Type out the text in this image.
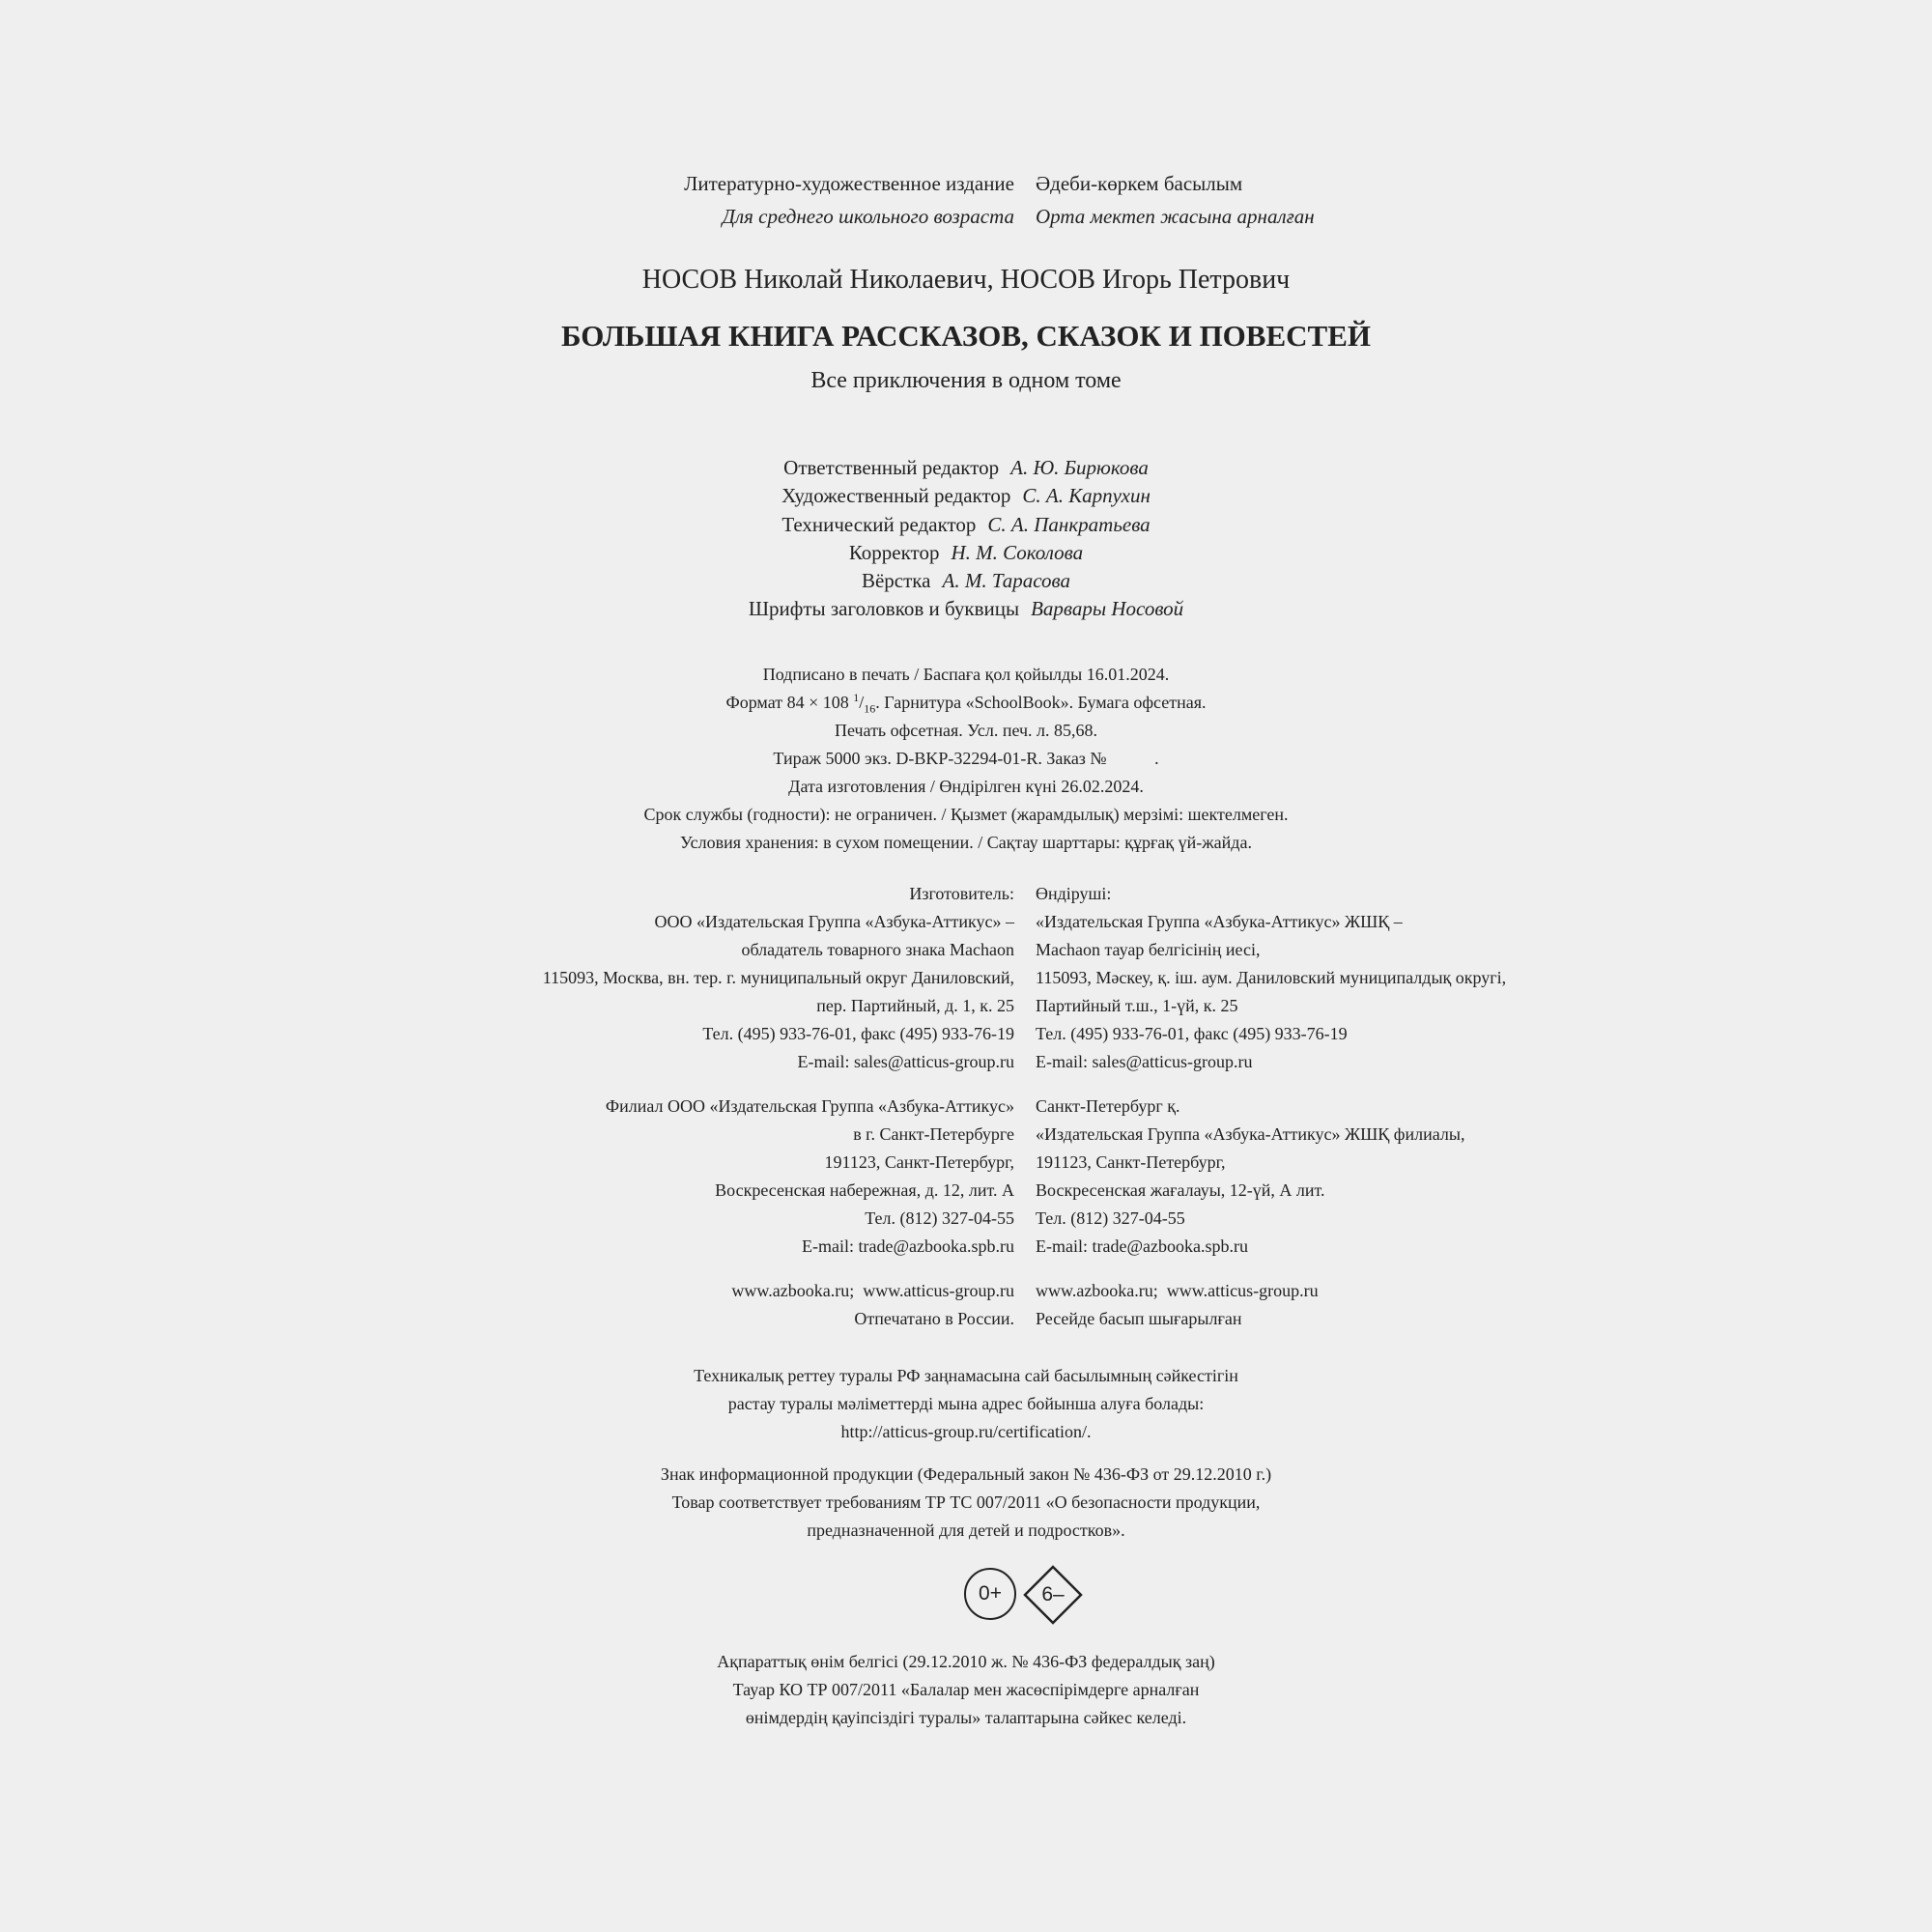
Литературно-художественное издание Әдеби-көркем басылым
Для среднего школьного возраста Орта мектеп жасына арналған
НОСОВ Николай Николаевич, НОСОВ Игорь Петрович
БОЛЬШАЯ КНИГА РАССКАЗОВ, СКАЗОК И ПОВЕСТЕЙ
Все приключения в одном томе
Ответственный редактор А. Ю. Бирюкова
Художественный редактор С. А. Карпухин
Технический редактор С. А. Панкратьева
Корректор Н. М. Соколова
Вёрстка А. М. Тарасова
Шрифты заголовков и буквицы Варвары Носовой
Подписано в печать / Баспаға қол қойылды 16.01.2024.
Формат 84 × 108 $^1/_{16}$. Гарнитура «SchoolBook». Бумага офсетная.
Печать офсетная. Усл. печ. л. 85,68.
Тираж 5000 экз. D-BKP-32294-01-R. Заказ №           .
Дата изготовления / Өндірілген күні 26.02.2024.
Срок службы (годности): не ограничен. / Қызмет (жарамдылық) мерзімі: шектелмеген.
Условия хранения: в сухом помещении. / Сақтау шарттары: құрғақ үй-жайда.
Изготовитель:
ООО «Издательская Группа «Азбука-Аттикус» –
обладатель товарного знака Machaon
115093, Москва, вн. тер. г. муниципальный округ Даниловский,
пер. Партийный, д. 1, к. 25
Тел. (495) 933-76-01, факс (495) 933-76-19
E-mail: sales@atticus-group.ru
Өндіруші:
«Издательская Группа «Азбука-Аттикус» ЖШҚ –
Machaon тауар белгісінің иесі,
115093, Мәскеу, қ. іш. аум. Даниловский муниципалдық округі,
Партийный т.ш., 1-үй, к. 25
Тел. (495) 933-76-01, факс (495) 933-76-19
E-mail: sales@atticus-group.ru
Филиал ООО «Издательская Группа «Азбука-Аттикус»
в г. Санкт-Петербурге
191123, Санкт-Петербург,
Воскресенская набережная, д. 12, лит. А
Тел. (812) 327-04-55
E-mail: trade@azbooka.spb.ru
Санкт-Петербург қ.
«Издательская Группа «Азбука-Аттикус» ЖШҚ филиалы,
191123, Санкт-Петербург,
Воскресенская жағалауы, 12-үй, А лит.
Тел. (812) 327-04-55
E-mail: trade@azbooka.spb.ru
www.azbooka.ru;  www.atticus-group.ru
Отпечатано в России.
www.azbooka.ru;  www.atticus-group.ru
Ресейде басып шығарылған
Техникалық реттеу туралы РФ заңнамасына сай басылымның сәйкестігін
растау туралы мәліметтерді мына адрес бойынша алуға болады:
http://atticus-group.ru/certification/.
Знак информационной продукции (Федеральный закон № 436-ФЗ от 29.12.2010 г.)
Товар соответствует требованиям ТР ТС 007/2011 «О безопасности продукции,
предназначенной для детей и подростков».
0+	6–
Ақпараттық өнім белгісі (29.12.2010 ж. № 436-ФЗ федералдық заң)
Тауар КО ТР 007/2011 «Балалар мен жасөспірімдерге арналған
өнімдердің қауіпсіздігі туралы» талаптарына сәйкес келеді.
